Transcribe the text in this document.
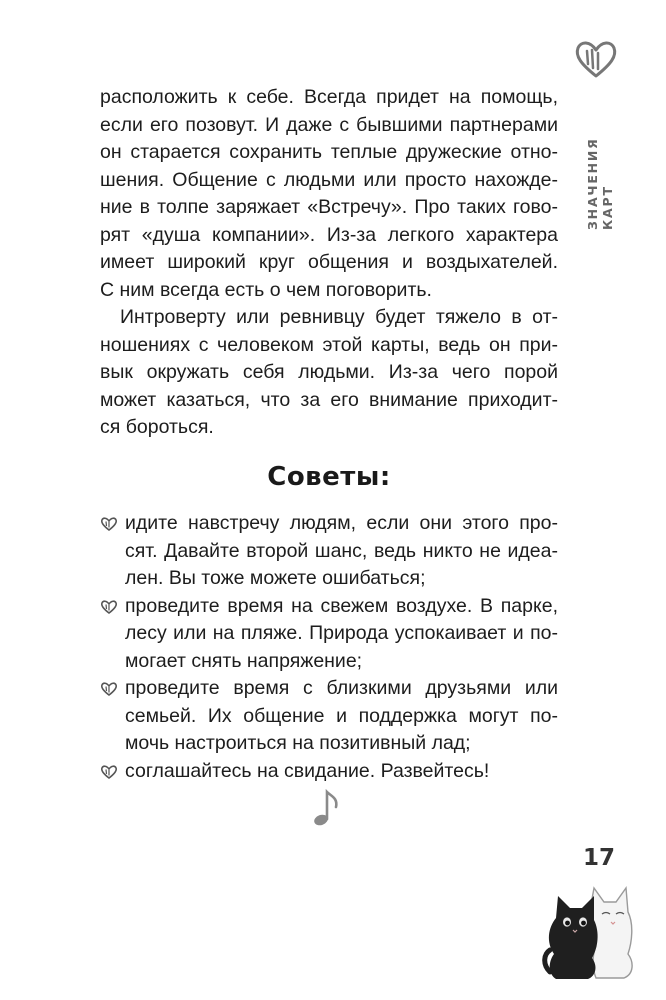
ЗНАЧЕНИЯ КАРТ
расположить к себе. Всегда придет на помощь,
если его позовут. И даже с бывшими партнерами
он старается сохранить теплые дружеские отно-
шения. Общение с людьми или просто нахожде-
ние в толпе заряжает «Встречу». Про таких гово-
рят «душа компании». Из-за легкого характера
имеет широкий круг общения и воздыхателей.
С ним всегда есть о чем поговорить.
Интроверту или ревнивцу будет тяжело в от-
ношениях с человеком этой карты, ведь он при-
вык окружать себя людьми. Из-за чего порой
может казаться, что за его внимание приходит-
ся бороться.
Советы:
идите навстречу людям, если они этого про-
сят. Давайте второй шанс, ведь никто не идеа-
лен. Вы тоже можете ошибаться;
проведите время на свежем воздухе. В парке,
лесу или на пляже. Природа успокаивает и по-
могает снять напряжение;
проведите время с близкими друзьями или
семьей. Их общение и поддержка могут по-
мочь настроиться на позитивный лад;
соглашайтесь на свидание. Развейтесь!
17
